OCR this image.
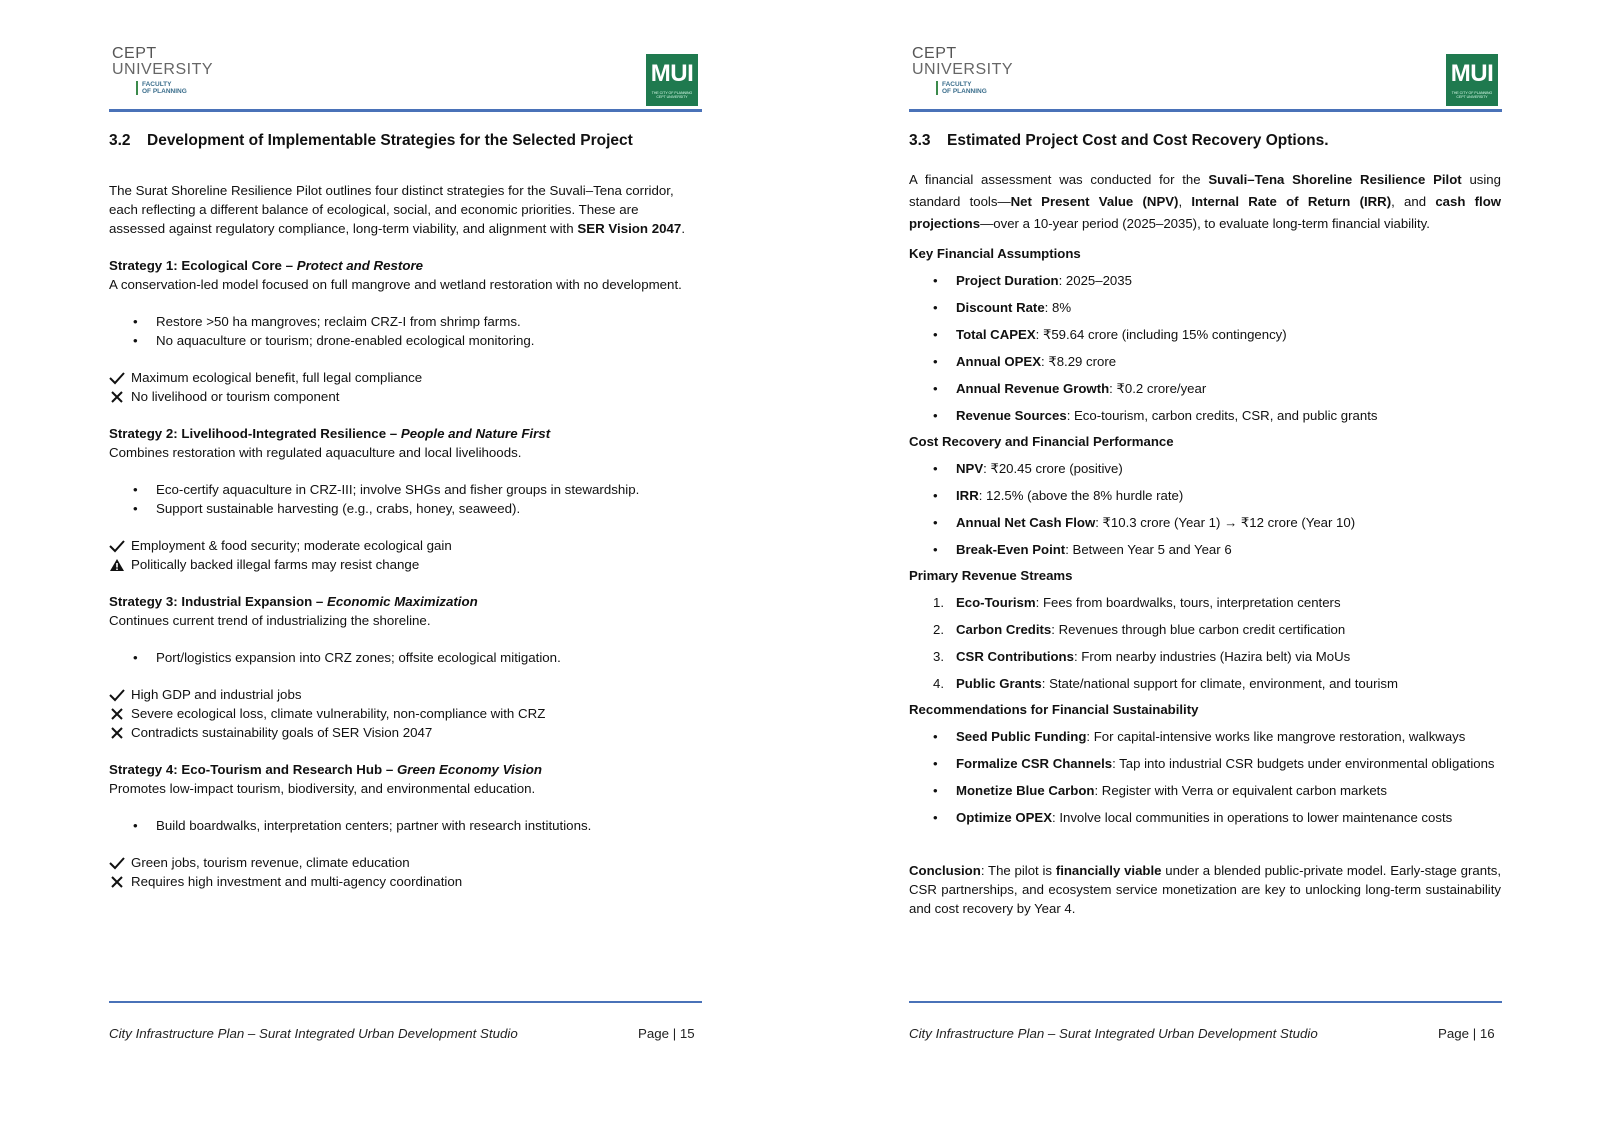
CEPT
UNIVERSITY
FACULTY
OF PLANNING
MUI
THE CITY OF PLANNING
CEPT UNIVERSITY
3.2 Development of Implementable Strategies for the Selected Project

The Surat Shoreline Resilience Pilot outlines four distinct strategies for the Suvali–Tena corridor, each reflecting a different balance of ecological, social, and economic priorities. These are assessed against regulatory compliance, long-term viability, and alignment with SER Vision 2047.

Strategy 1: Ecological Core – Protect and Restore

A conservation-led model focused on full mangrove and wetland restoration with no development.

• Restore >50 ha mangroves; reclaim CRZ-I from shrimp farms.
• No aquaculture or tourism; drone-enabled ecological monitoring.
Maximum ecological benefit, full legal compliance
No livelihood or tourism component

Strategy 2: Livelihood-Integrated Resilience – People and Nature First

Combines restoration with regulated aquaculture and local livelihoods.

• Eco-certify aquaculture in CRZ-III; involve SHGs and fisher groups in stewardship.
• Support sustainable harvesting (e.g., crabs, honey, seaweed).
Employment & food security; moderate ecological gain
Politically backed illegal farms may resist change

Strategy 3: Industrial Expansion – Economic Maximization

Continues current trend of industrializing the shoreline.

• Port/logistics expansion into CRZ zones; offsite ecological mitigation.
High GDP and industrial jobs
Severe ecological loss, climate vulnerability, non-compliance with CRZ
Contradicts sustainability goals of SER Vision 2047

Strategy 4: Eco-Tourism and Research Hub – Green Economy Vision

Promotes low-impact tourism, biodiversity, and environmental education.

• Build boardwalks, interpretation centers; partner with research institutions.
Green jobs, tourism revenue, climate education
Requires high investment and multi-agency coordination
City Infrastructure Plan – Surat Integrated Urban Development Studio	Page | 15
CEPT
UNIVERSITY
FACULTY
OF PLANNING
MUI
THE CITY OF PLANNING
CEPT UNIVERSITY
3.3 Estimated Project Cost and Cost Recovery Options.

A financial assessment was conducted for the Suvali–Tena Shoreline Resilience Pilot using standard tools—Net Present Value (NPV), Internal Rate of Return (IRR), and cash flow projections—over a 10-year period (2025–2035), to evaluate long-term financial viability.

Key Financial Assumptions
• Project Duration: 2025–2035
• Discount Rate: 8%
• Total CAPEX: ₹59.64 crore (including 15% contingency)
• Annual OPEX: ₹8.29 crore
• Annual Revenue Growth: ₹0.2 crore/year
• Revenue Sources: Eco-tourism, carbon credits, CSR, and public grants
Cost Recovery and Financial Performance
• NPV: ₹20.45 crore (positive)
• IRR: 12.5% (above the 8% hurdle rate)
• Annual Net Cash Flow: ₹10.3 crore (Year 1) → ₹12 crore (Year 10)
• Break-Even Point: Between Year 5 and Year 6
Primary Revenue Streams
1. Eco-Tourism: Fees from boardwalks, tours, interpretation centers
2. Carbon Credits: Revenues through blue carbon credit certification
3. CSR Contributions: From nearby industries (Hazira belt) via MoUs
4. Public Grants: State/national support for climate, environment, and tourism
Recommendations for Financial Sustainability
• Seed Public Funding: For capital-intensive works like mangrove restoration, walkways
• Formalize CSR Channels: Tap into industrial CSR budgets under environmental obligations
• Monetize Blue Carbon: Register with Verra or equivalent carbon markets
• Optimize OPEX: Involve local communities in operations to lower maintenance costs

Conclusion: The pilot is financially viable under a blended public-private model. Early-stage grants, CSR partnerships, and ecosystem service monetization are key to unlocking long-term sustainability and cost recovery by Year 4.

City Infrastructure Plan – Surat Integrated Urban Development Studio	Page | 16
